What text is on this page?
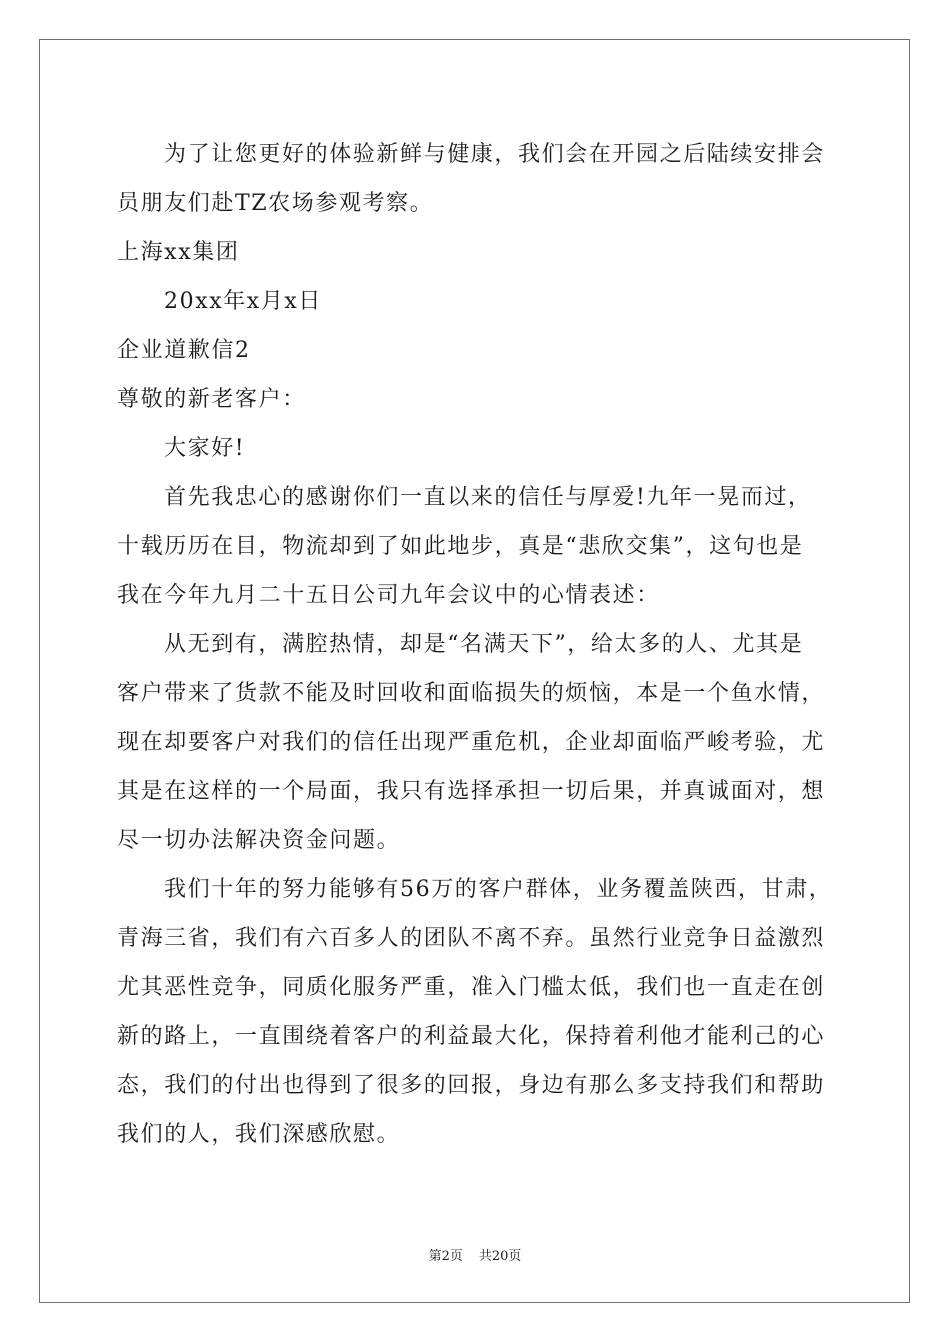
为了让您更好的体验新鲜与健康，我们会在开园之后陆续安排会
员朋友们赴TZ农场参观考察。
上海xx集团
20xx年x月x日
企业道歉信2
尊敬的新老客户：
大家好!
首先我忠心的感谢你们一直以来的信任与厚爱!九年一晃而过，
十载历历在目，物流却到了如此地步，真是“悲欣交集”，这句也是
我在今年九月二十五日公司九年会议中的心情表述：
从无到有，满腔热情，却是“名满天下”，给太多的人、尤其是
客户带来了货款不能及时回收和面临损失的烦恼，本是一个鱼水情，
现在却要客户对我们的信任出现严重危机，企业却面临严峻考验，尤
其是在这样的一个局面，我只有选择承担一切后果，并真诚面对，想
尽一切办法解决资金问题。
我们十年的努力能够有56万的客户群体，业务覆盖陕西，甘肃，
青海三省，我们有六百多人的团队不离不弃。虽然行业竞争日益激烈
尤其恶性竞争，同质化服务严重，准入门槛太低，我们也一直走在创
新的路上，一直围绕着客户的利益最大化，保持着利他才能利己的心
态，我们的付出也得到了很多的回报，身边有那么多支持我们和帮助
我们的人，我们深感欣慰。
第2页 共20页
